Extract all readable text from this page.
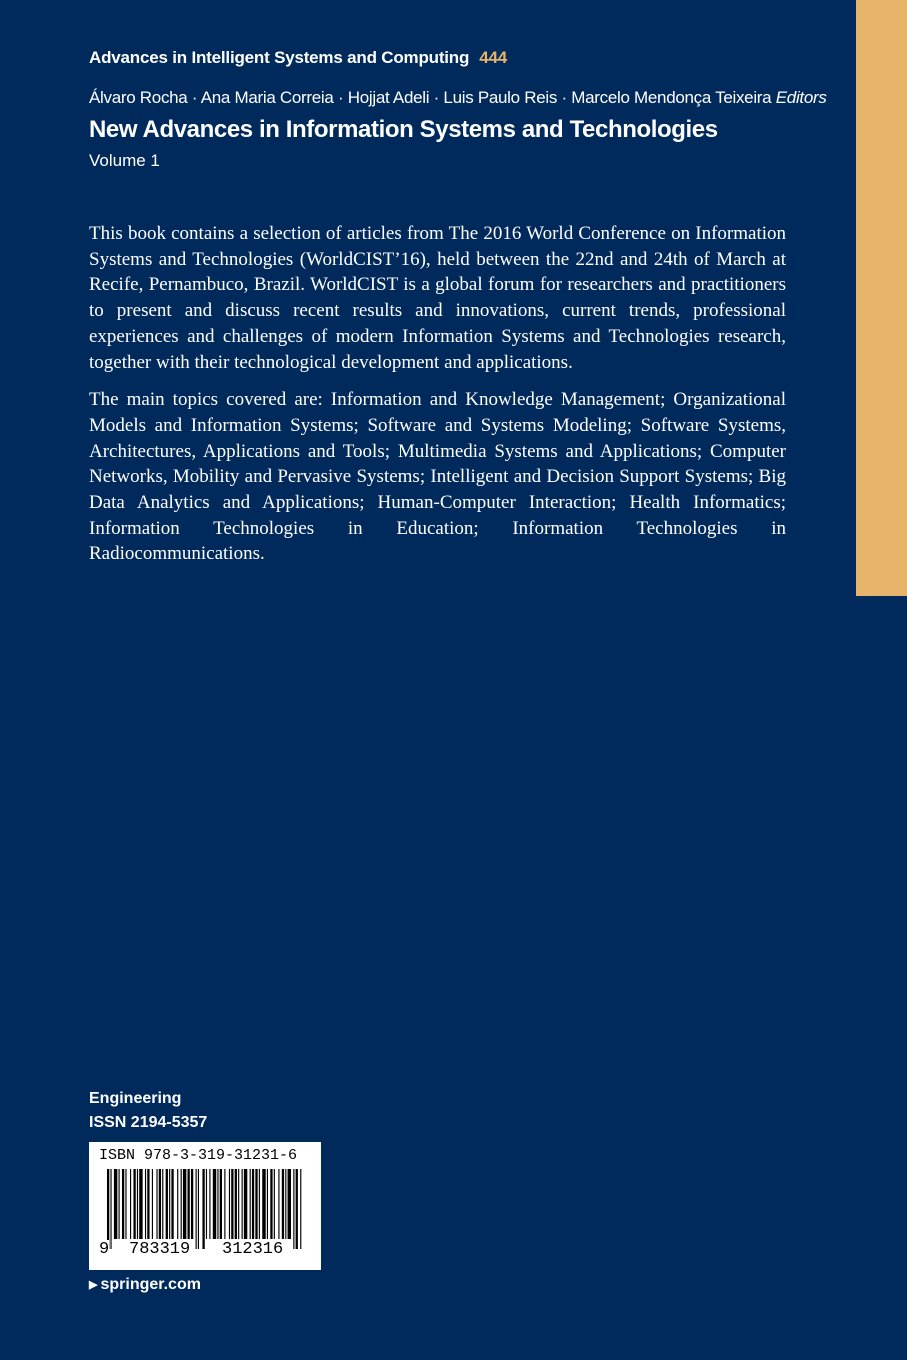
Advances in Intelligent Systems and Computing 444
Álvaro Rocha · Ana Maria Correia · Hojjat Adeli · Luis Paulo Reis · Marcelo Mendonça Teixeira Editors
New Advances in Information Systems and Technologies
Volume 1

This book contains a selection of articles from The 2016 World Conference on Information Systems and Technologies (WorldCIST’16), held between the 22nd and 24th of March at Recife, Pernambuco, Brazil. WorldCIST is a global forum for researchers and practitioners to present and discuss recent results and innovations, current trends, professional experiences and challenges of modern Information Systems and Technologies research, together with their technological development and applications.

The main topics covered are: Information and Knowledge Management; Organizational Models and Information Systems; Software and Systems Modeling; Software Systems, Architectures, Applications and Tools; Multimedia Systems and Applications; Computer Networks, Mobility and Pervasive Systems; Intelligent and Decision Support Systems; Big Data Analytics and Applications; Human-Computer Interaction; Health Informatics; Information Technologies in Education; Information Technologies in Radiocommunications.

Engineering
ISSN 2194-5357
ISBN 978-3-319-31231-6
9 783319 312316
▶ springer.com
